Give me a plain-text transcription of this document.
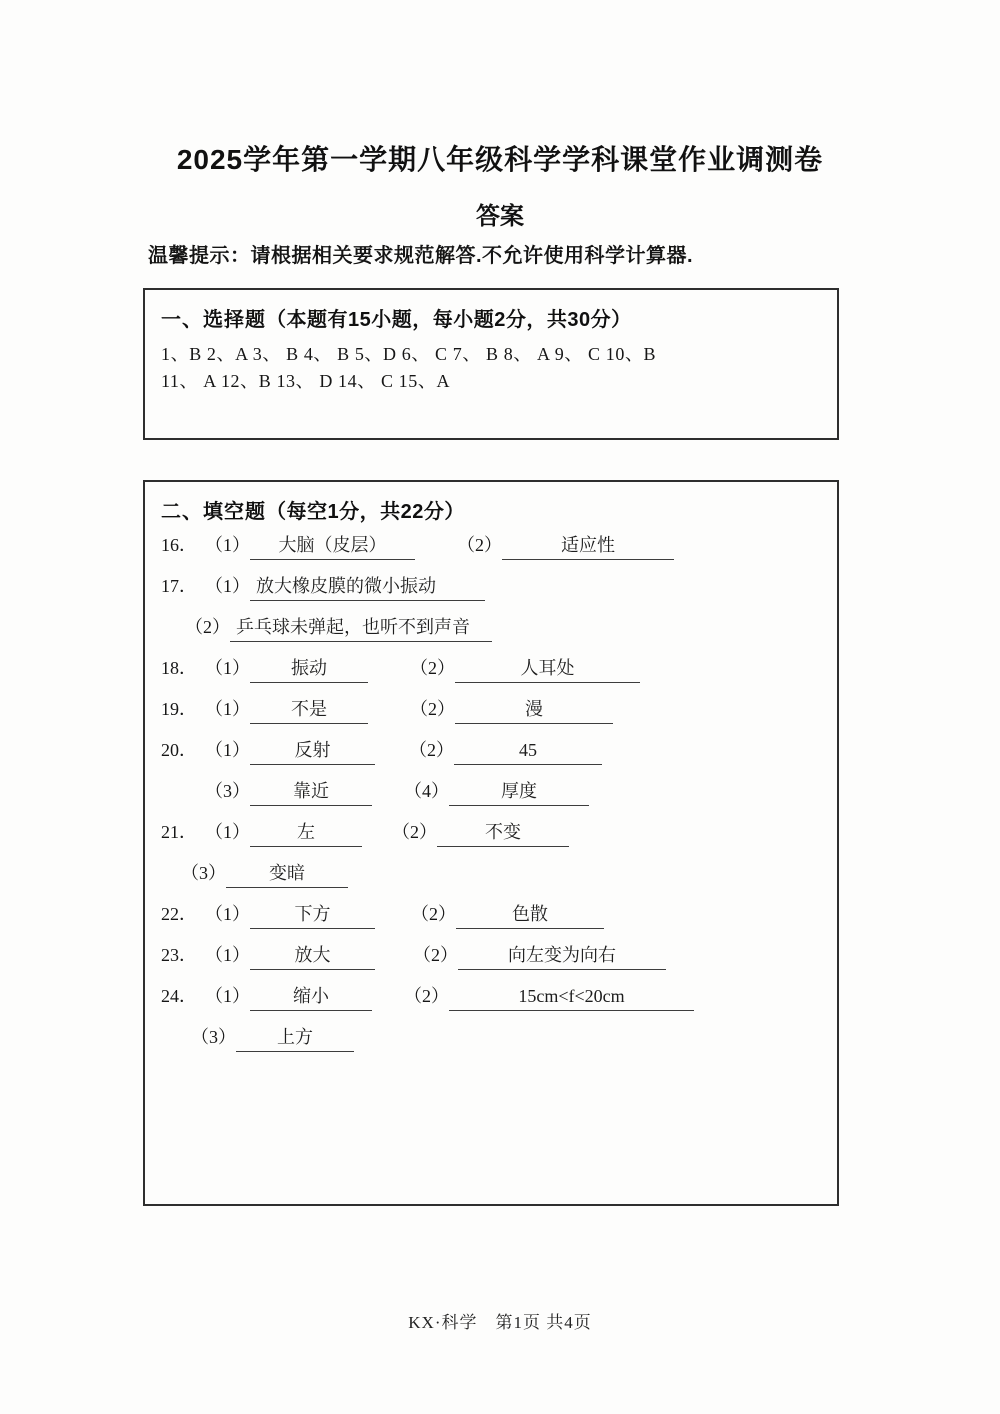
2025学年第一学期八年级科学学科课堂作业调测卷
答案
温馨提示：请根据相关要求规范解答.不允许使用科学计算器.
一、选择题（本题有15小题，每小题2分，共30分）
1、B 2、A 3、 B 4、 B 5、D 6、 C 7、 B 8、 A 9、 C 10、B
11、 A 12、B 13、 D 14、 C 15、A
二、填空题（每空1分，共22分）
16． （1） 大脑（皮层）	（2）	适应性
17． （1） 放大橡皮膜的微小振动
（2） 乒乓球未弹起，也听不到声音
18． （1） 振动	（2）	人耳处
19． （1） 不是	（2）	漫
20． （1） 反射	（2）	45
（3） 靠近	（4）	厚度
21． （1）	左	（2）	不变
（3） 变暗
22． （1） 下方	（2）	色散
23． （1） 放大	（2）	向左变为向右
24． （1） 缩小	（2）	15cm<f<20cm
（3） 上方
KX·科学　第1页 共4页
